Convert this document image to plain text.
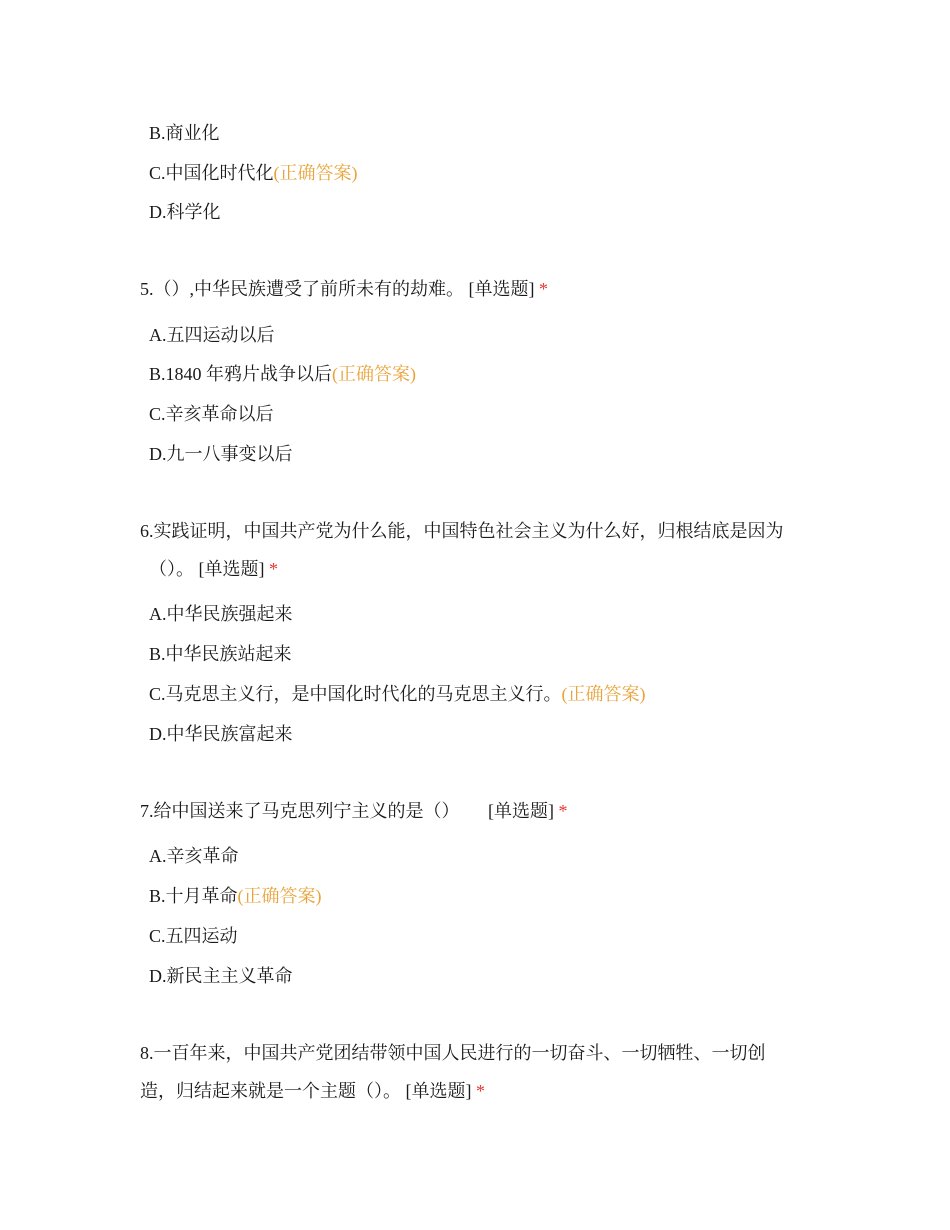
B.商业化
C.中国化时代化(正确答案)
D.科学化
5.（）,中华民族遭受了前所未有的劫难。 [单选题] *
A.五四运动以后
B.1840 年鸦片战争以后(正确答案)
C.辛亥革命以后
D.九一八事变以后
6.实践证明，中国共产党为什么能，中国特色社会主义为什么好，归根结底是因为
（）。 [单选题] *
A.中华民族强起来
B.中华民族站起来
C.马克思主义行，是中国化时代化的马克思主义行。(正确答案)
D.中华民族富起来
7.给中国送来了马克思列宁主义的是（） [单选题] *
A.辛亥革命
B.十月革命(正确答案)
C.五四运动
D.新民主主义革命
8.一百年来，中国共产党团结带领中国人民进行的一切奋斗、一切牺牲、一切创
造，归结起来就是一个主题（）。 [单选题] *
